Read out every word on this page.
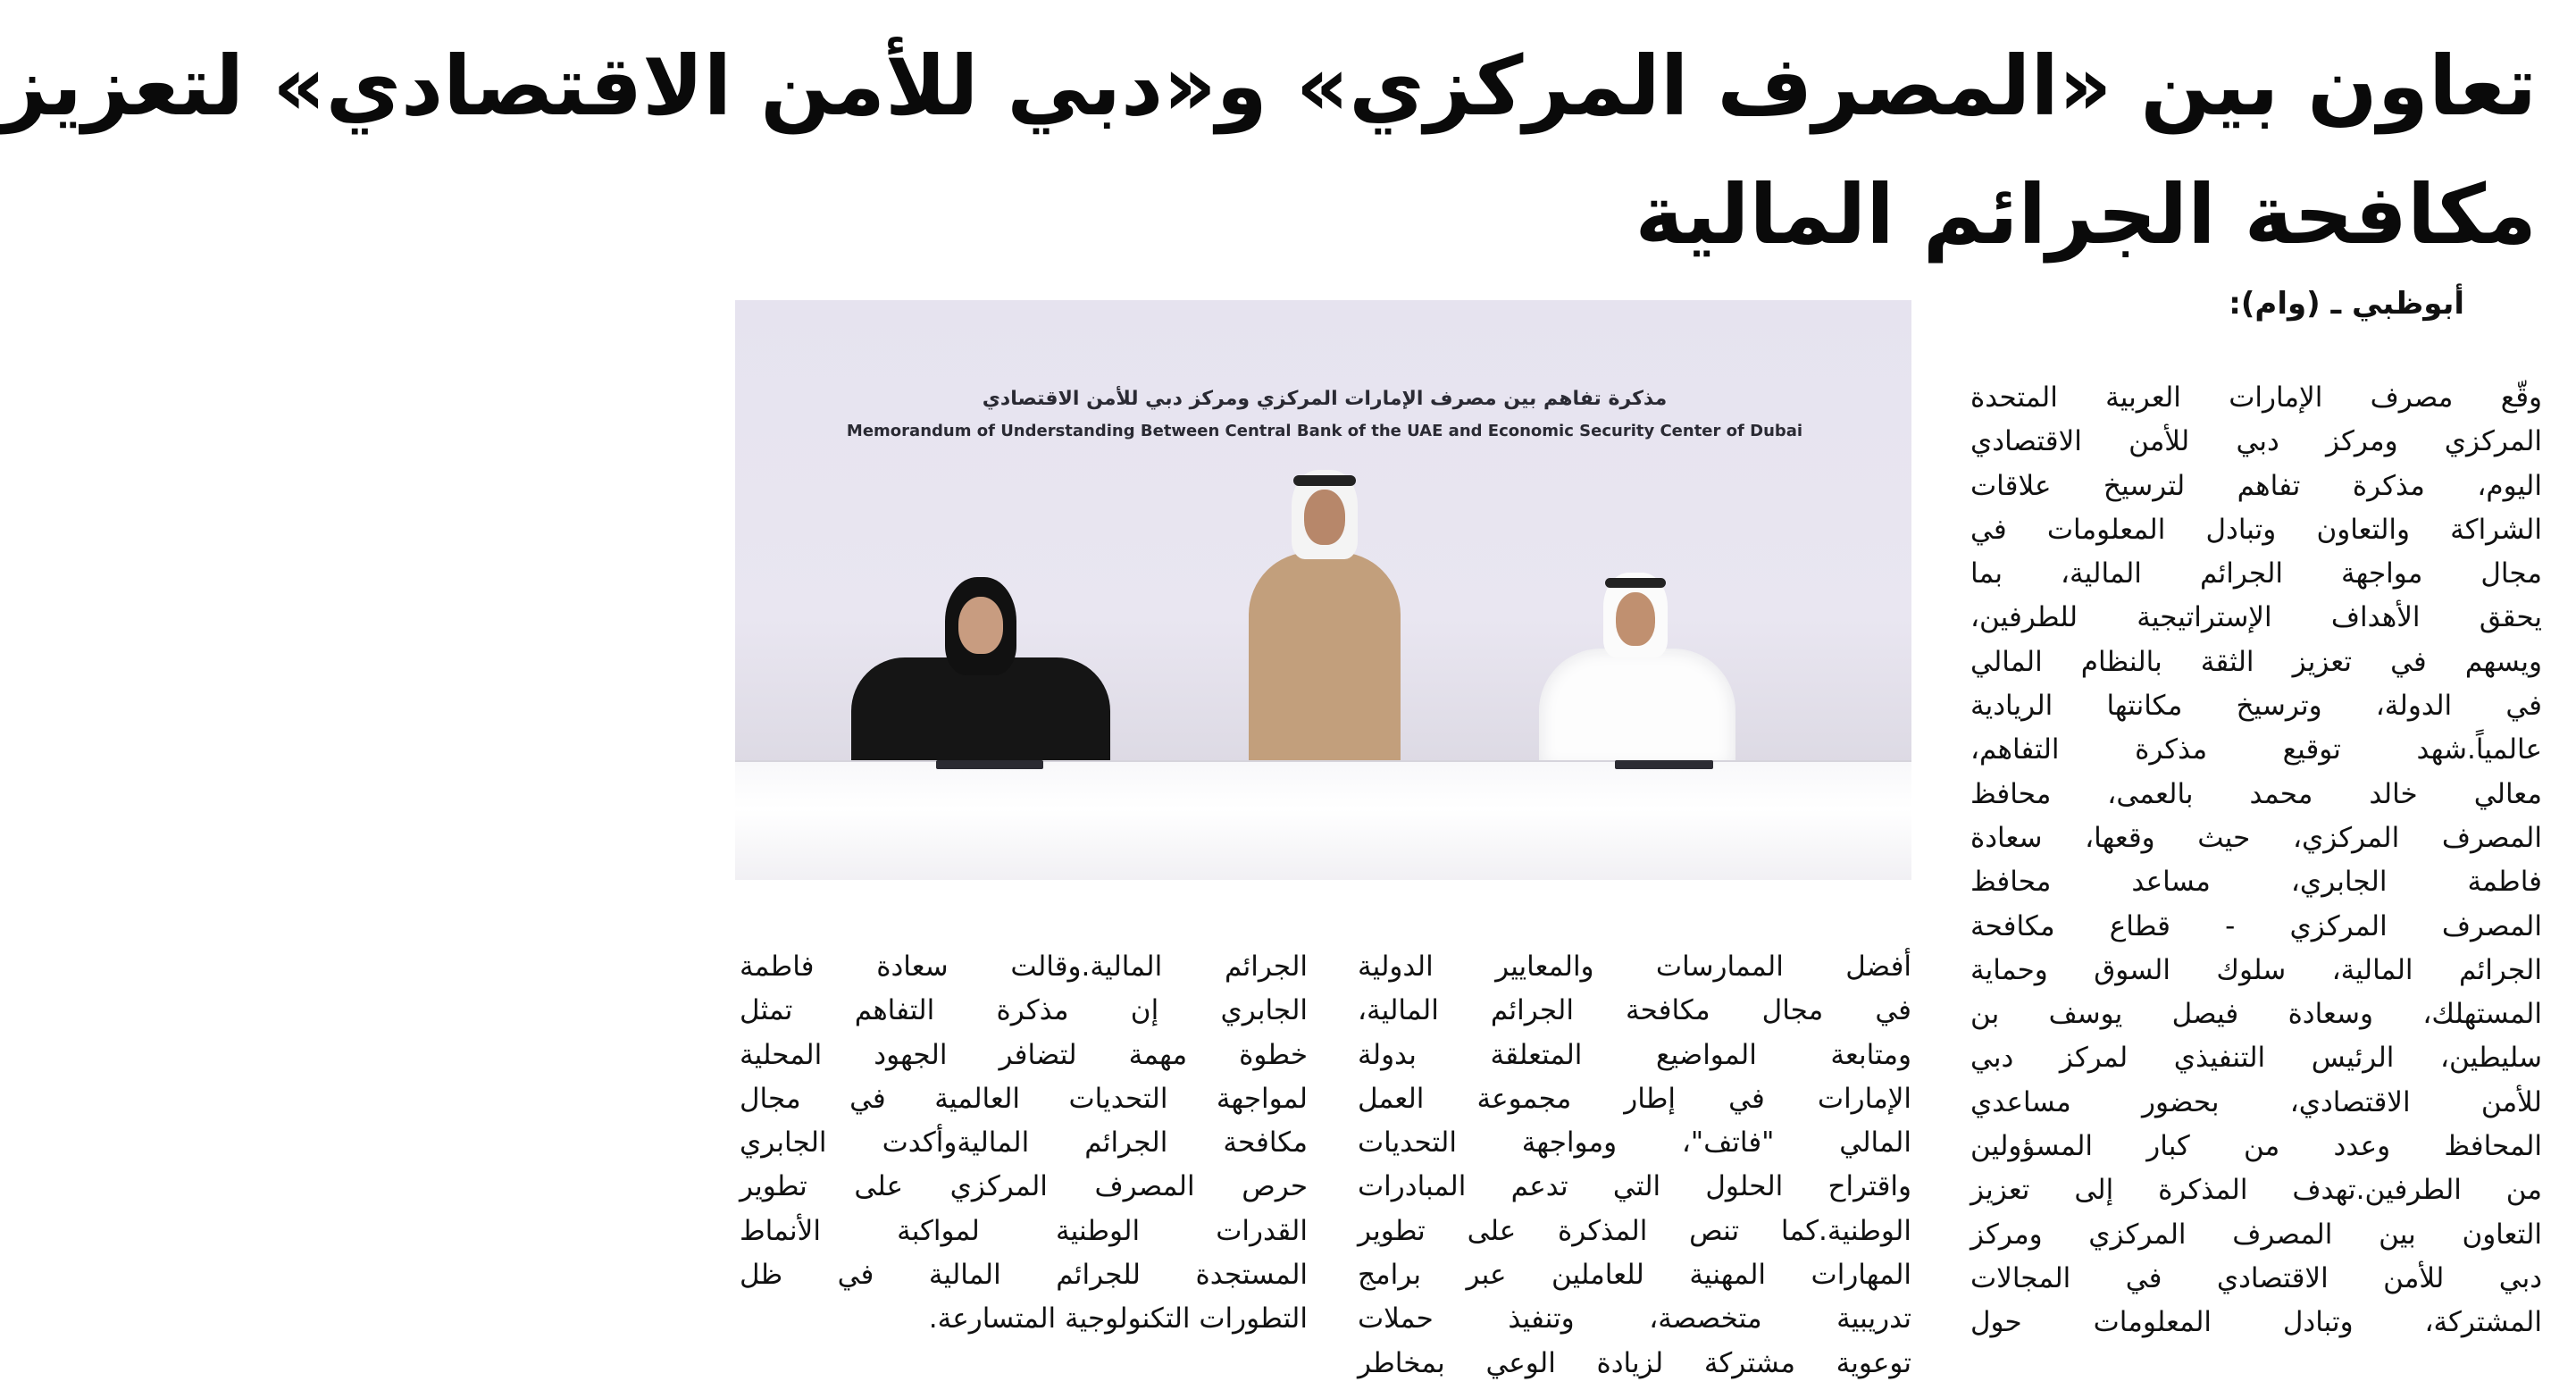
تعاون بين «المصرف المركزي» و«دبي للأمن الاقتصادي» لتعزيز
مكافحة الجرائم المالية
أبوظبي ـ (وام):
مذكرة تفاهم بين مصرف الإمارات المركزي ومركز دبي للأمن الاقتصادي
Memorandum of Understanding Between Central Bank of the UAE and Economic Security Center of Dubai
وقّع مصرف الإمارات العربية المتحدة
المركزي ومركز دبي للأمن الاقتصادي
اليوم، مذكرة تفاهم لترسيخ علاقات
الشراكة والتعاون وتبادل المعلومات في
مجال مواجهة الجرائم المالية، بما
يحقق الأهداف الإستراتيجية للطرفين،
ويسهم في تعزيز الثقة بالنظام المالي
في الدولة، وترسيخ مكانتها الريادية
عالمياً.شهد توقيع مذكرة التفاهم،
معالي خالد محمد بالعمى، محافظ
المصرف المركزي، حيث وقعها، سعادة
فاطمة الجابري، مساعد محافظ
المصرف المركزي - قطاع مكافحة
الجرائم المالية، سلوك السوق وحماية
المستهلك، وسعادة فيصل يوسف بن
سليطين، الرئيس التنفيذي لمركز دبي
للأمن الاقتصادي، بحضور مساعدي
المحافظ وعدد من كبار المسؤولين
من الطرفين.تهدف المذكرة إلى تعزيز
التعاون بين المصرف المركزي ومركز
دبي للأمن الاقتصادي في المجالات
المشتركة، وتبادل المعلومات حول
أفضل الممارسات والمعايير الدولية
في مجال مكافحة الجرائم المالية،
ومتابعة المواضيع المتعلقة بدولة
الإمارات في إطار مجموعة العمل
المالي "فاتف"، ومواجهة التحديات
واقتراح الحلول التي تدعم المبادرات
الوطنية.كما تنص المذكرة على تطوير
المهارات المهنية للعاملين عبر برامج
تدريبية متخصصة، وتنفيذ حملات
توعوية مشتركة لزيادة الوعي بمخاطر
الجرائم المالية.وقالت سعادة فاطمة
الجابري إن مذكرة التفاهم تمثل
خطوة مهمة لتضافر الجهود المحلية
لمواجهة التحديات العالمية في مجال
مكافحة الجرائم الماليةوأكدت الجابري
حرص المصرف المركزي على تطوير
القدرات الوطنية لمواكبة الأنماط
المستجدة للجرائم المالية في ظل
التطورات التكنولوجية المتسارعة.
